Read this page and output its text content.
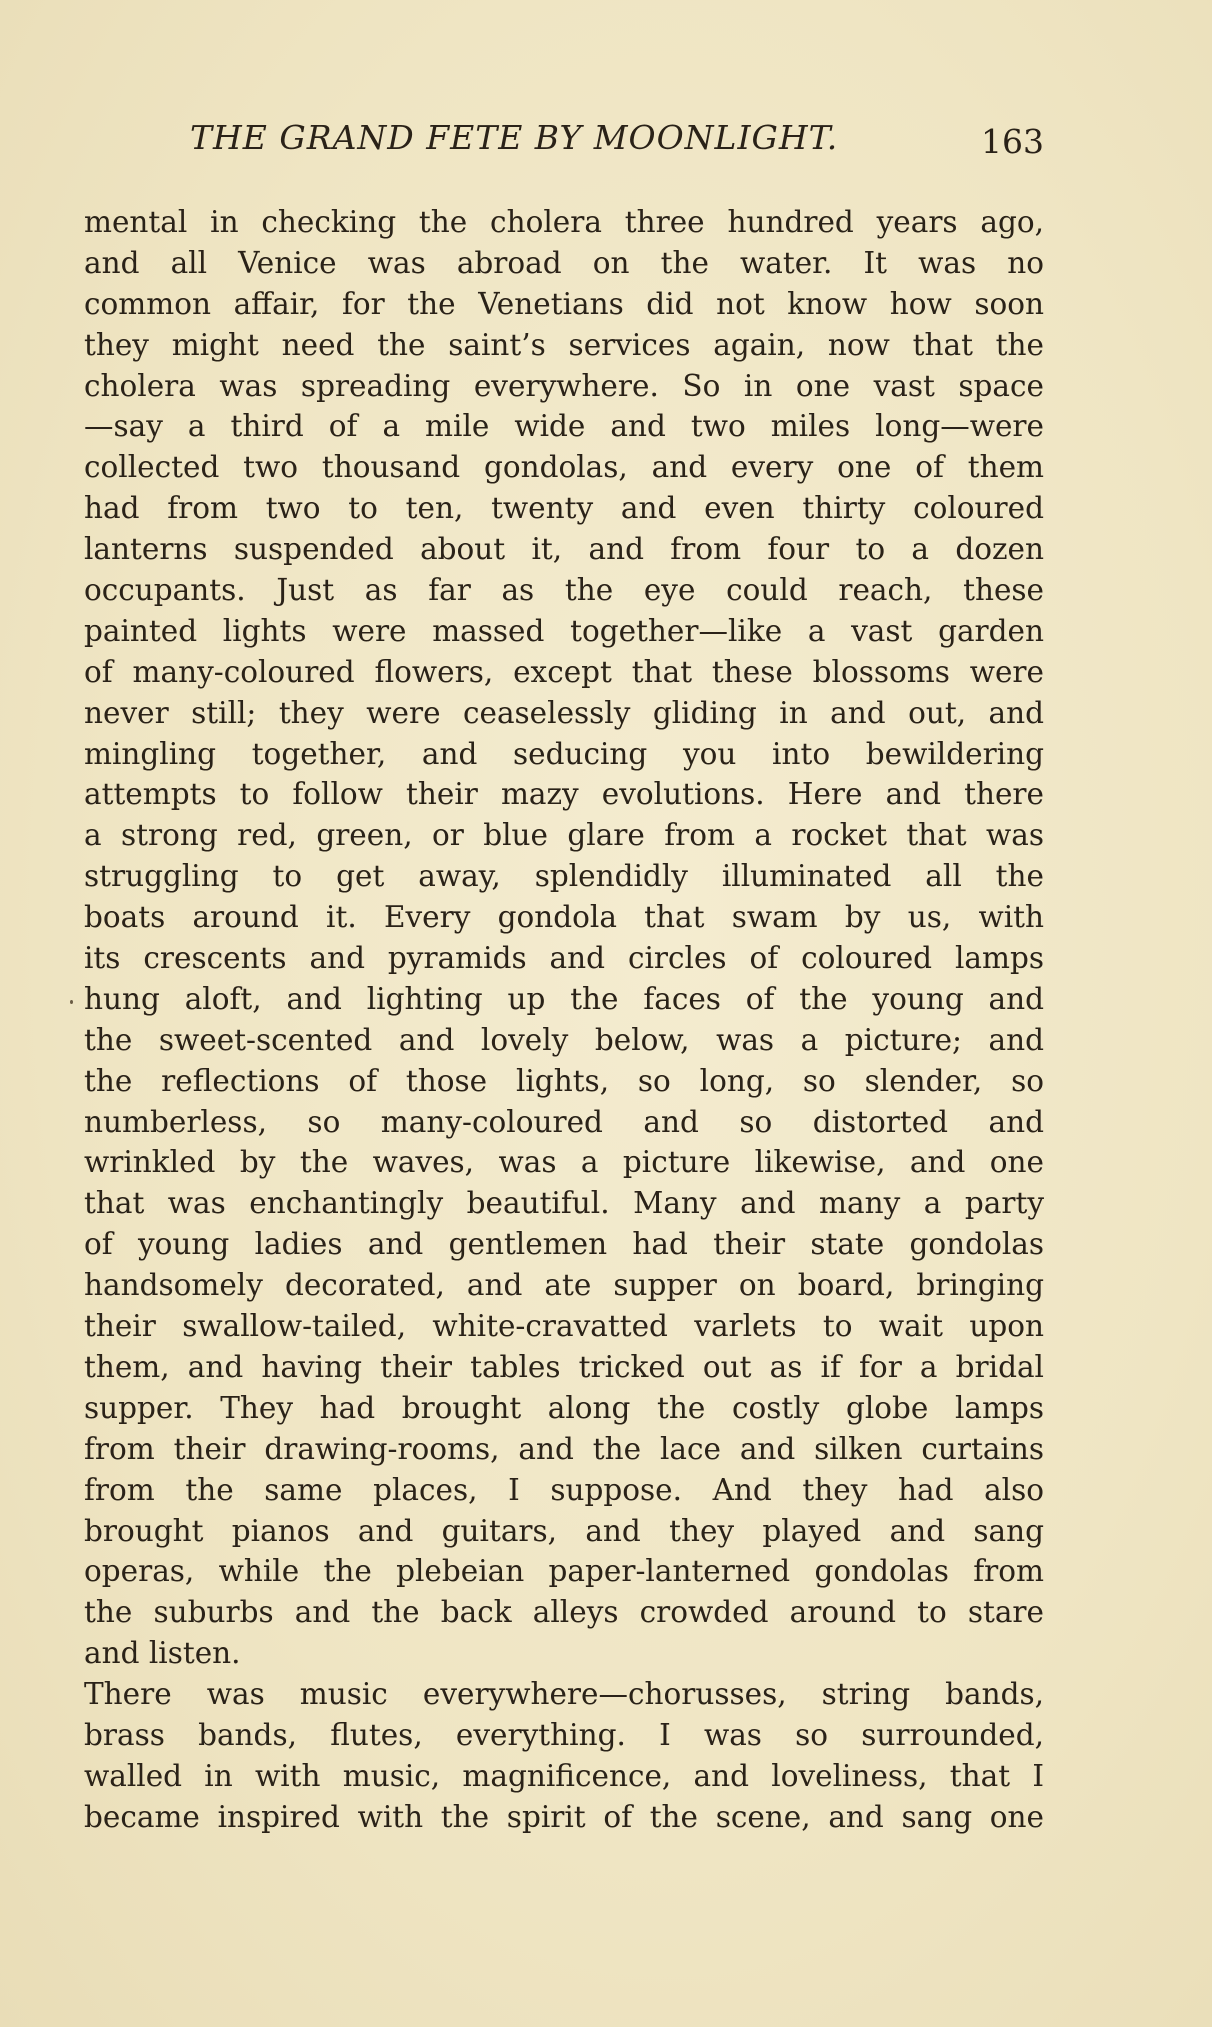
THE GRAND FETE BY MOONLIGHT.	163
mental in checking the cholera three hundred years ago,
and all Venice was abroad on the water. It was no
common affair, for the Venetians did not know how soon
they might need the saint’s services again, now that the
cholera was spreading everywhere. So in one vast space
—say a third of a mile wide and two miles long—were
collected two thousand gondolas, and every one of them
had from two to ten, twenty and even thirty coloured
lanterns suspended about it, and from four to a dozen
occupants. Just as far as the eye could reach, these
painted lights were massed together—like a vast garden
of many-coloured flowers, except that these blossoms were
never still; they were ceaselessly gliding in and out, and
mingling together, and seducing you into bewildering
attempts to follow their mazy evolutions. Here and there
a strong red, green, or blue glare from a rocket that was
struggling to get away, splendidly illuminated all the
boats around it. Every gondola that swam by us, with
its crescents and pyramids and circles of coloured lamps
hung aloft, and lighting up the faces of the young and
the sweet-scented and lovely below, was a picture; and
the reflections of those lights, so long, so slender, so
numberless, so many-coloured and so distorted and
wrinkled by the waves, was a picture likewise, and one
that was enchantingly beautiful. Many and many a party
of young ladies and gentlemen had their state gondolas
handsomely decorated, and ate supper on board, bringing
their swallow-tailed, white-cravatted varlets to wait upon
them, and having their tables tricked out as if for a bridal
supper. They had brought along the costly globe lamps
from their drawing-rooms, and the lace and silken curtains
from the same places, I suppose. And they had also
brought pianos and guitars, and they played and sang
operas, while the plebeian paper-lanterned gondolas from
the suburbs and the back alleys crowded around to stare
and listen.
There was music everywhere—chorusses, string bands,
brass bands, flutes, everything. I was so surrounded,
walled in with music, magnificence, and loveliness, that I
became inspired with the spirit of the scene, and sang one
